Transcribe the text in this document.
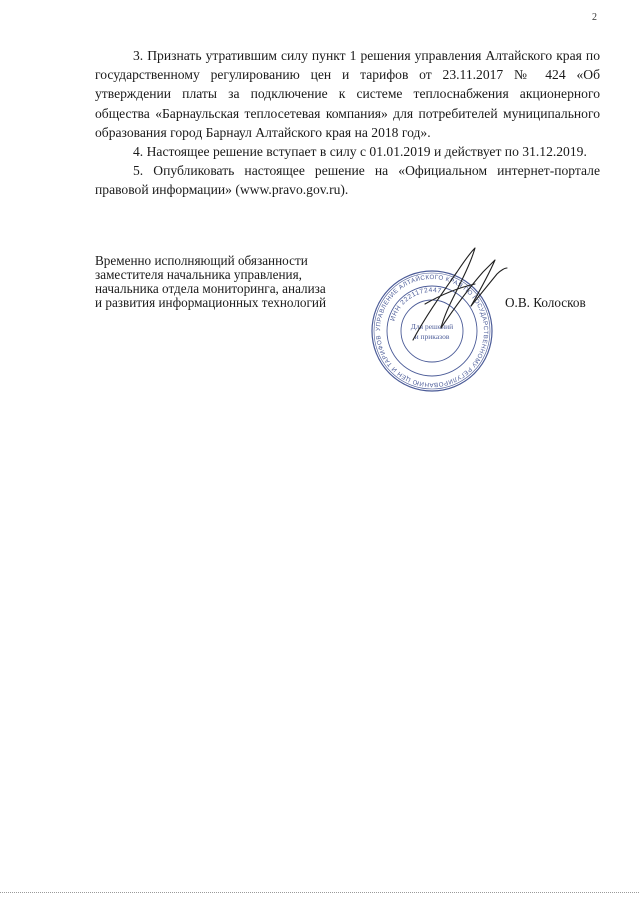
2

3. Признать утратившим силу пункт 1 решения управления Алтайского края по государственному регулированию цен и тарифов от 23.11.2017 № 424 «Об утверждении платы за подключение к системе теплоснабжения акционерного общества «Барнаульская теплосетевая компания» для потребителей муниципального образования город Барнаул Алтайского края на 2018 год».

4. Настоящее решение вступает в силу с 01.01.2019 и действует по 31.12.2019.

5. Опубликовать настоящее решение на «Официальном интернет-портале правовой информации» (www.pravo.gov.ru).

Временно исполняющий обязанности
заместителя начальника управления,
начальника отдела мониторинга, анализа
и развития информационных технологий
УПРАВЛЕНИЕ АЛТАЙСКОГО КРАЯ ПО ГОСУДАРСТВЕННОМУ РЕГУЛИРОВАНИЮ ЦЕН И ТАРИФОВ
ИНН 2221172447
Для решений
и приказов
О.В. Колосков
